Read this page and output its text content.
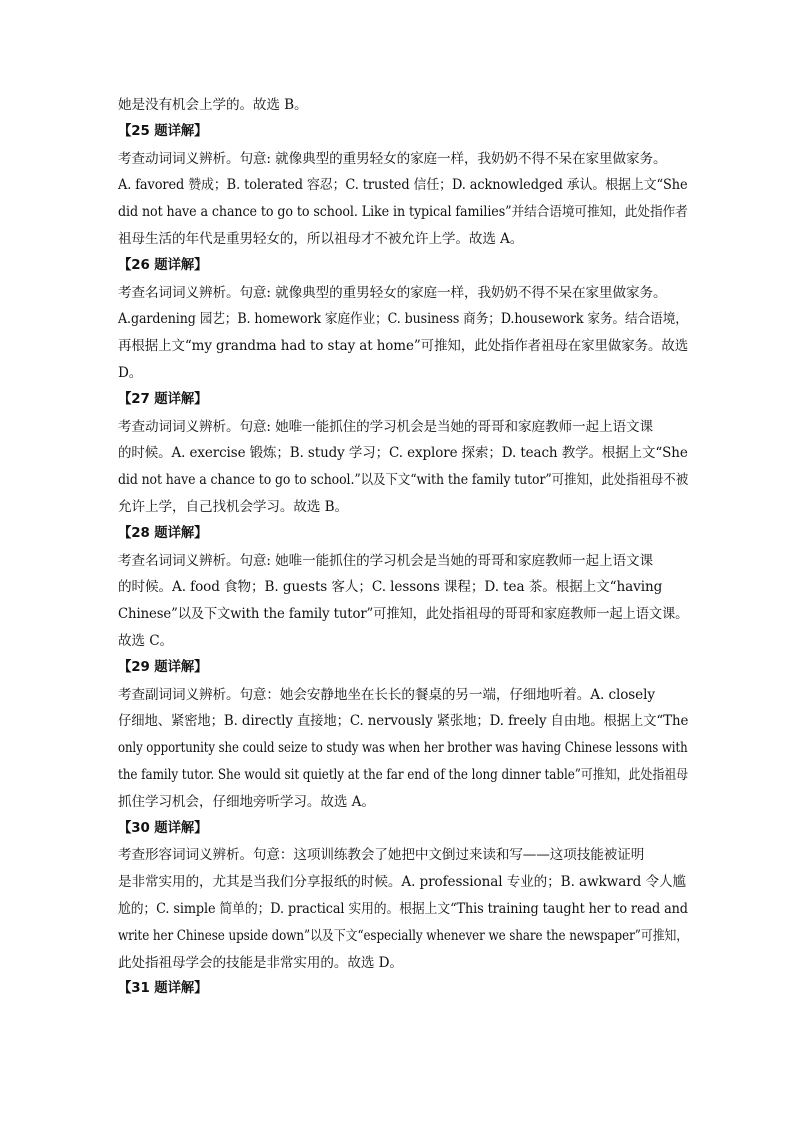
她是没有机会上学的。故选 B。
【25 题详解】
考查动词词义辨析。句意: 就像典型的重男轻女的家庭一样，我奶奶不得不呆在家里做家务。
A. favored 赞成；B. tolerated 容忍；C. trusted 信任；D. acknowledged 承认。根据上文“She
did not have a chance to go to school. Like in typical families”并结合语境可推知，此处指作者
祖母生活的年代是重男轻女的，所以祖母才不被允许上学。故选 A。
【26 题详解】
考查名词词义辨析。句意: 就像典型的重男轻女的家庭一样，我奶奶不得不呆在家里做家务。
A.gardening 园艺；B. homework 家庭作业；C. business 商务；D.housework 家务。结合语境，
再根据上文“my grandma had to stay at home”可推知，此处指作者祖母在家里做家务。故选
D。
【27 题详解】
考查动词词义辨析。句意: 她唯一能抓住的学习机会是当她的哥哥和家庭教师一起上语文课
的时候。A. exercise 锻炼；B. study 学习；C. explore 探索；D. teach 教学。根据上文“She
did not have a chance to go to school.”以及下文“with the family tutor”可推知，此处指祖母不被
允许上学，自己找机会学习。故选 B。
【28 题详解】
考查名词词义辨析。句意: 她唯一能抓住的学习机会是当她的哥哥和家庭教师一起上语文课
的时候。A. food 食物；B. guests 客人；C. lessons 课程；D. tea 茶。根据上文“having
Chinese”以及下文with the family tutor”可推知，此处指祖母的哥哥和家庭教师一起上语文课。
故选 C。
【29 题详解】
考查副词词义辨析。句意：她会安静地坐在长长的餐桌的另一端，仔细地听着。A. closely
仔细地、紧密地；B. directly 直接地；C. nervously 紧张地；D. freely 自由地。根据上文“The
only opportunity she could seize to study was when her brother was having Chinese lessons with
the family tutor. She would sit quietly at the far end of the long dinner table”可推知，此处指祖母
抓住学习机会，仔细地旁听学习。故选 A。
【30 题详解】
考查形容词词义辨析。句意：这项训练教会了她把中文倒过来读和写——这项技能被证明
是非常实用的，尤其是当我们分享报纸的时候。A. professional 专业的；B. awkward 令人尴
尬的；C. simple 简单的；D. practical 实用的。根据上文“This training taught her to read and
write her Chinese upside down”以及下文“especially whenever we share the newspaper”可推知，
此处指祖母学会的技能是非常实用的。故选 D。
【31 题详解】
